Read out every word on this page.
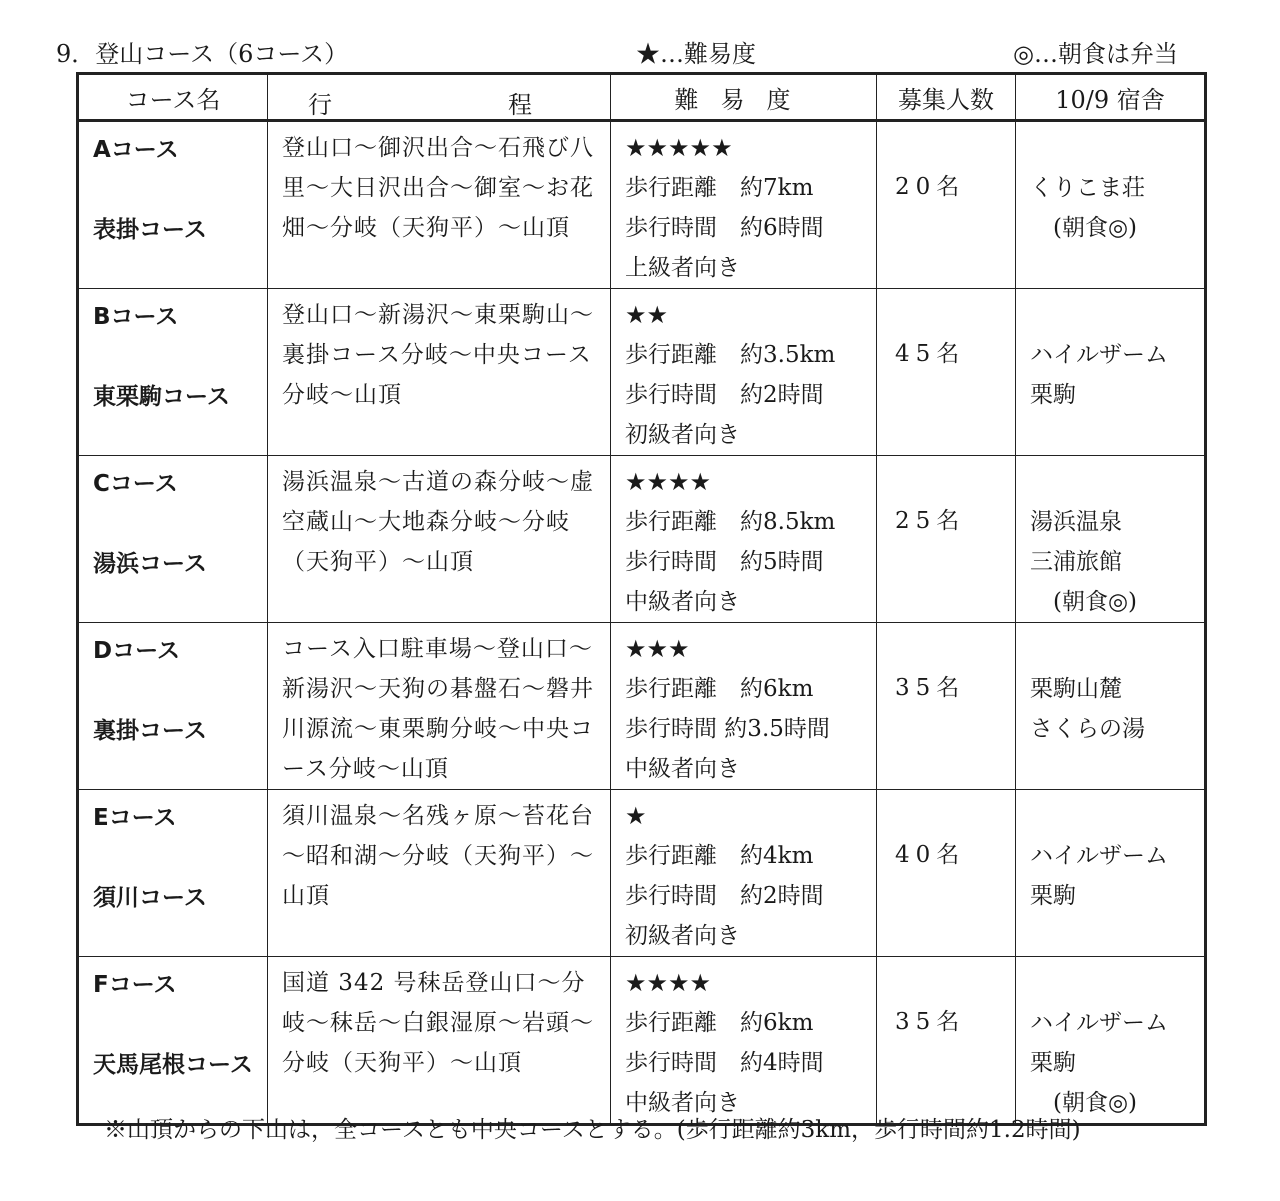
9．登山コース（6コース）	★…難易度	◎…朝食は弁当
コース名	行 程	難易度	募集人数	10/9 宿舎

Aコース
表掛コース	登山口～御沢出合～石飛び八里～大日沢出合～御室～お花畑～分岐（天狗平）～山頂	★★★★★
歩行距離　約7km
歩行時間　約6時間
上級者向き	20名	くりこま荘
　(朝食◎)

Bコース
東栗駒コース	登山口～新湯沢～東栗駒山～裏掛コース分岐～中央コース分岐～山頂	★★
歩行距離　約3.5km
歩行時間　約2時間
初級者向き	45名	ハイルザーム
栗駒

Cコース
湯浜コース	湯浜温泉～古道の森分岐～虚空蔵山～大地森分岐～分岐（天狗平）～山頂	★★★★
歩行距離　約8.5km
歩行時間　約5時間
中級者向き	25名	湯浜温泉
三浦旅館
　(朝食◎)

Dコース
裏掛コース	コース入口駐車場～登山口～新湯沢～天狗の碁盤石～磐井川源流～東栗駒分岐～中央コース分岐～山頂	★★★
歩行距離　約6km
歩行時間 約3.5時間
中級者向き	35名	栗駒山麓
さくらの湯

Eコース
須川コース	須川温泉～名残ヶ原～苔花台～昭和湖～分岐（天狗平）～山頂	★
歩行距離　約4km
歩行時間　約2時間
初級者向き	40名	ハイルザーム
栗駒

Fコース
天馬尾根コース	国道 342 号秣岳登山口～分岐～秣岳～白銀湿原～岩頭～分岐（天狗平）～山頂	★★★★
歩行距離　約6km
歩行時間　約4時間
中級者向き	35名	ハイルザーム
栗駒
　(朝食◎)
※山頂からの下山は，全コースとも中央コースとする。(歩行距離約3km，歩行時間約1.2時間)
